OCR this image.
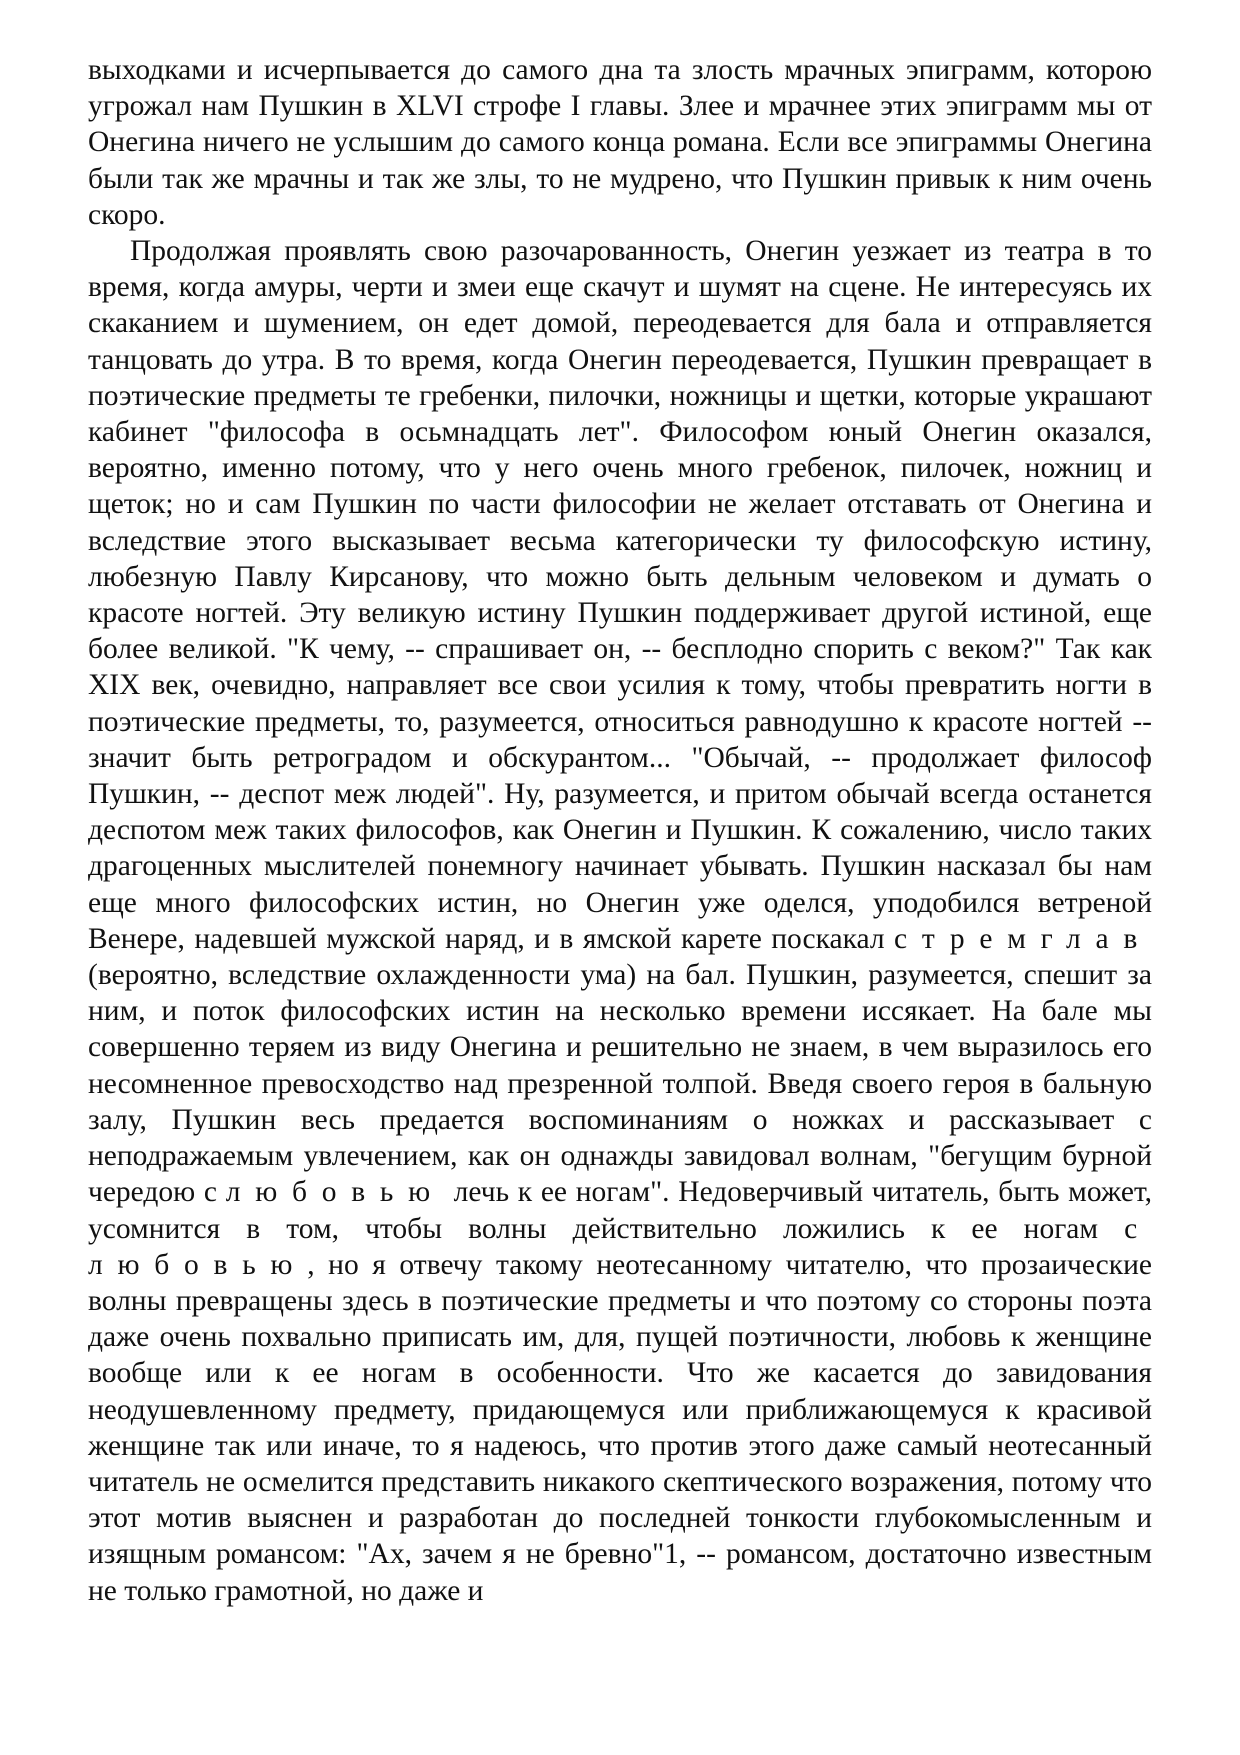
выходками и исчерпывается до самого дна та злость мрачных эпиграмм, которою угрожал нам Пушкин в XLVI строфе I главы. Злее и мрачнее этих эпиграмм мы от Онегина ничего не услышим до самого конца романа. Если все эпиграммы Онегина были так же мрачны и так же злы, то не мудрено, что Пушкин привык к ним очень скоро.

Продолжая проявлять свою разочарованность, Онегин уезжает из театра в то время, когда амуры, черти и змеи еще скачут и шумят на сцене. Не интересуясь их скаканием и шумением, он едет домой, переодевается для бала и отправляется танцовать до утра. В то время, когда Онегин переодевается, Пушкин превращает в поэтические предметы те гребенки, пилочки, ножницы и щетки, которые украшают кабинет "философа в осьмнадцать лет". Философом юный Онегин оказался, вероятно, именно потому, что у него очень много гребенок, пилочек, ножниц и щеток; но и сам Пушкин по части философии не желает отставать от Онегина и вследствие этого высказывает весьма категорически ту философскую истину, любезную Павлу Кирсанову, что можно быть дельным человеком и думать о красоте ногтей. Эту великую истину Пушкин поддерживает другой истиной, еще более великой. "К чему, -- спрашивает он, -- бесплодно спорить с веком?" Так как XIX век, очевидно, направляет все свои усилия к тому, чтобы превратить ногти в поэтические предметы, то, разумеется, относиться равнодушно к красоте ногтей -- значит быть ретроградом и обскурантом... "Обычай, -- продолжает философ Пушкин, -- деспот меж людей". Ну, разумеется, и притом обычай всегда останется деспотом меж таких философов, как Онегин и Пушкин. К сожалению, число таких драгоценных мыслителей понемногу начинает убывать. Пушкин насказал бы нам еще много философских истин, но Онегин уже оделся, уподобился ветреной Венере, надевшей мужской наряд, и в ямской карете поскакал стремглав (вероятно, вследствие охлажденности ума) на бал. Пушкин, разумеется, спешит за ним, и поток философских истин на несколько времени иссякает. На бале мы совершенно теряем из виду Онегина и решительно не знаем, в чем выразилось его несомненное превосходство над презренной толпой. Введя своего героя в бальную залу, Пушкин весь предается воспоминаниям о ножках и рассказывает с неподражаемым увлечением, как он однажды завидовал волнам, "бегущим бурной чередою с любовью лечь к ее ногам". Недоверчивый читатель, быть может, усомнится в том, чтобы волны действительно ложились к ее ногам с любовью, но я отвечу такому неотесанному читателю, что прозаические волны превращены здесь в поэтические предметы и что поэтому со стороны поэта даже очень похвально приписать им, для, пущей поэтичности, любовь к женщине вообще или к ее ногам в особенности. Что же касается до завидования неодушевленному предмету, придающемуся или приближающемуся к красивой женщине так или иначе, то я надеюсь, что против этого даже самый неотесанный читатель не осмелится представить никакого скептического возражения, потому что этот мотив выяснен и разработан до последней тонкости глубокомысленным и изящным романсом: "Ах, зачем я не бревно"1, -- романсом, достаточно известным не только грамотной, но даже и
